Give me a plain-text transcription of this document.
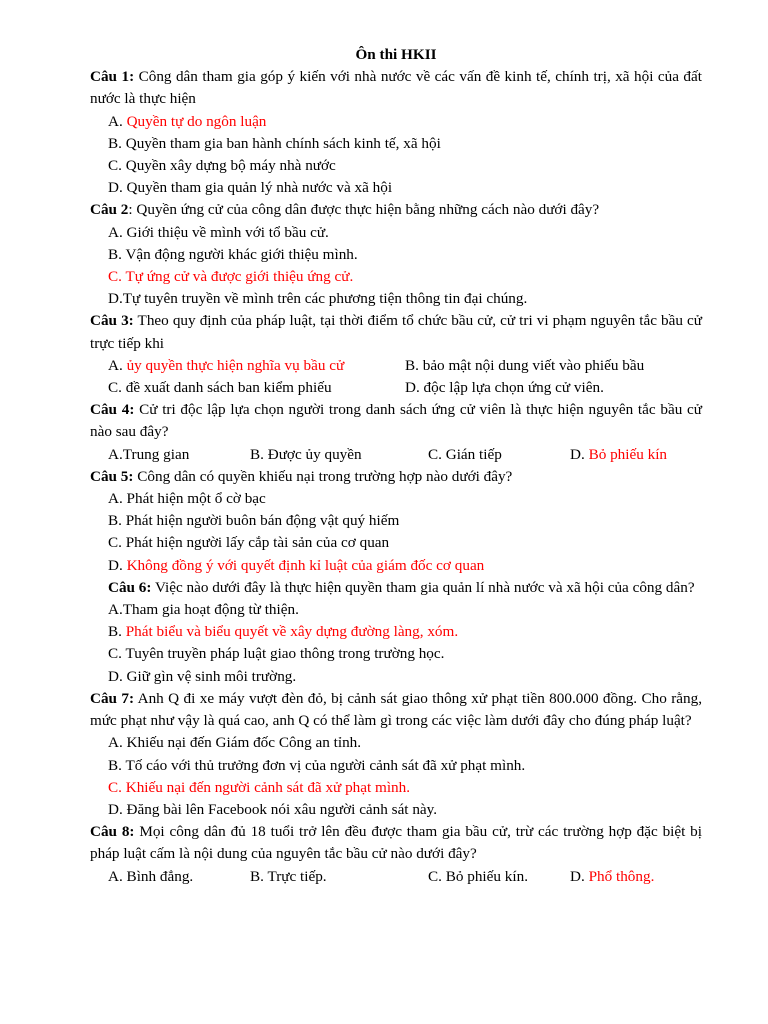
Ôn thi HKII
Câu 1: Công dân tham gia góp ý kiến với nhà nước về các vấn đề kinh tế, chính trị, xã hội của đất nước là thực hiện
A. Quyền tự do ngôn luận
B. Quyền tham gia ban hành chính sách kinh tế, xã hội
C. Quyền xây dựng bộ máy nhà nước
D. Quyền tham gia quản lý nhà nước và xã hội
Câu 2: Quyền ứng cử của công dân được thực hiện bằng những cách nào dưới đây?
A. Giới thiệu về mình với tổ bầu cử.
B. Vận động người khác giới thiệu mình.
C. Tự ứng cử và được giới thiệu ứng cử.
D.Tự tuyên truyền về mình trên các phương tiện thông tin đại chúng.
Câu 3: Theo quy định của pháp luật, tại thời điểm tổ chức bầu cử, cử tri vi phạm nguyên tắc bầu cử trực tiếp khi
A. ủy quyền thực hiện nghĩa vụ bầu cử	B. bảo mật nội dung viết vào phiếu bầu
C. đề xuất danh sách ban kiểm phiếu	D. độc lập lựa chọn ứng cử viên.
Câu 4: Cử tri độc lập lựa chọn người trong danh sách ứng cử viên là thực hiện nguyên tắc bầu cử nào sau đây?
A.Trung gian	B. Được ủy quyền	C. Gián tiếp	D. Bỏ phiếu kín
Câu 5: Công dân có quyền khiếu nại trong trường hợp nào dưới đây?
A. Phát hiện một ổ cờ bạc
B. Phát hiện người buôn bán động vật quý hiếm
C. Phát hiện người lấy cắp tài sản của cơ quan
D. Không đồng ý với quyết định kỉ luật của giám đốc cơ quan
Câu 6: Việc nào dưới đây là thực hiện quyền tham gia quản lí nhà nước và xã hội của công dân?
A.Tham gia hoạt động từ thiện.
B. Phát biểu và biểu quyết về xây dựng đường làng, xóm.
C. Tuyên truyền pháp luật giao thông trong trường học.
D. Giữ gìn vệ sinh môi trường.
Câu 7: Anh Q đi xe máy vượt đèn đỏ, bị cảnh sát giao thông xử phạt tiền 800.000 đồng. Cho rằng, mức phạt như vậy là quá cao, anh Q có thể làm gì trong các việc làm dưới đây cho đúng pháp luật?
A. Khiếu nại đến Giám đốc Công an tỉnh.
B. Tố cáo với thủ trưởng đơn vị của người cảnh sát đã xử phạt mình.
C. Khiếu nại đến người cảnh sát đã xử phạt mình.
D. Đăng bài lên Facebook nói xâu người cảnh sát này.
Câu 8: Mọi công dân đủ 18 tuổi trở lên đều được tham gia bầu cử, trừ các trường hợp đặc biệt bị pháp luật cấm là nội dung của nguyên tắc bầu cử nào dưới đây?
A. Bình đẳng.	B. Trực tiếp.	C. Bỏ phiếu kín.	D. Phổ thông.
